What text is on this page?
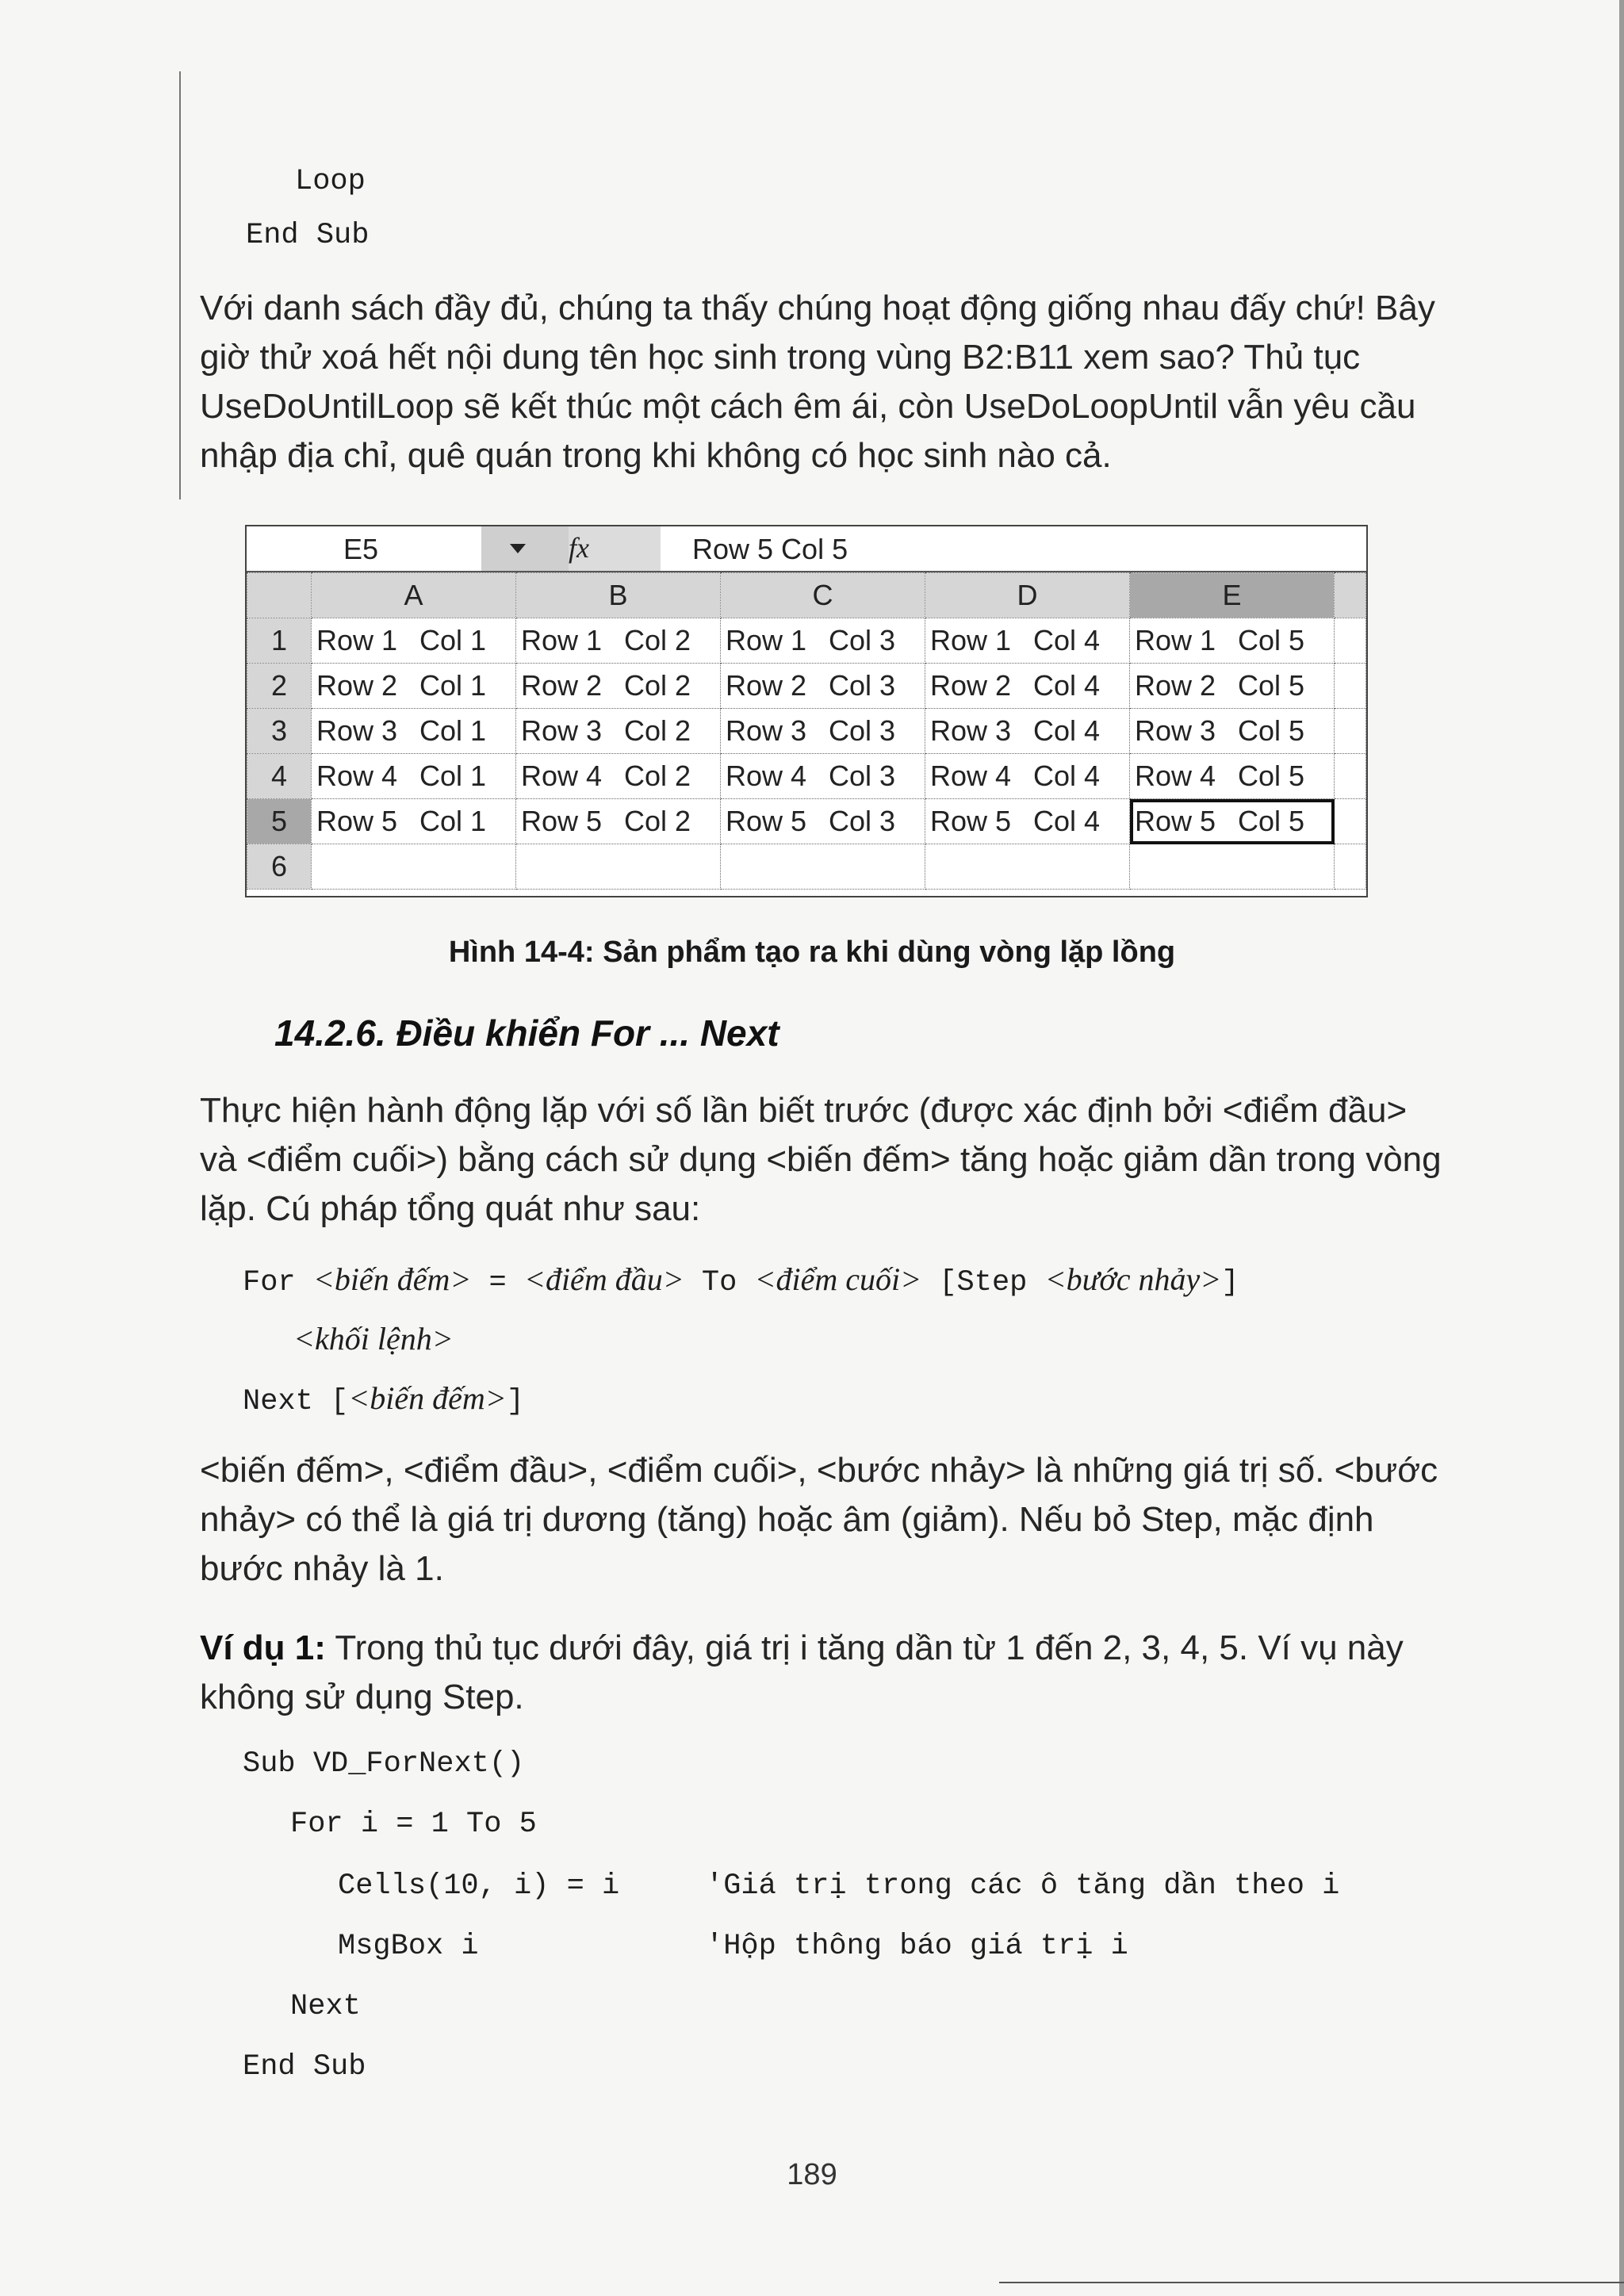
Loop
End Sub
Với danh sách đầy đủ, chúng ta thấy chúng hoạt động giống nhau đấy chứ! Bây giờ thử xoá hết nội dung tên học sinh trong vùng B2:B11 xem sao? Thủ tục UseDoUntilLoop sẽ kết thúc một cách êm ái, còn UseDoLoopUntil vẫn yêu cầu nhập địa chỉ, quê quán trong khi không có học sinh nào cả.
E5	fx	Row 5 Col 5
	A	B	C	D	E	
1	Row 1 Col 1	Row 1 Col 2	Row 1 Col 3	Row 1 Col 4	Row 1 Col 5	
2	Row 2 Col 1	Row 2 Col 2	Row 2 Col 3	Row 2 Col 4	Row 2 Col 5	
3	Row 3 Col 1	Row 3 Col 2	Row 3 Col 3	Row 3 Col 4	Row 3 Col 5	
4	Row 4 Col 1	Row 4 Col 2	Row 4 Col 3	Row 4 Col 4	Row 4 Col 5	
5	Row 5 Col 1	Row 5 Col 2	Row 5 Col 3	Row 5 Col 4	Row 5 Col 5	
6						
Hình 14-4: Sản phẩm tạo ra khi dùng vòng lặp lồng
14.2.6. Điều khiển For ... Next
Thực hiện hành động lặp với số lần biết trước (được xác định bởi <điểm đầu> và <điểm cuối>) bằng cách sử dụng <biến đếm> tăng hoặc giảm dần trong vòng lặp. Cú pháp tổng quát như sau:
For <biến đếm> = <điểm đầu> To <điểm cuối> [Step <bước nhảy>]
<khối lệnh>
Next [<biến đếm>]
<biến đếm>, <điểm đầu>, <điểm cuối>, <bước nhảy> là những giá trị số. <bước nhảy> có thể là giá trị dương (tăng) hoặc âm (giảm). Nếu bỏ Step, mặc định bước nhảy là 1.
Ví dụ 1: Trong thủ tục dưới đây, giá trị i tăng dần từ 1 đến 2, 3, 4, 5. Ví vụ này không sử dụng Step.
Sub VD_ForNext()
For i = 1 To 5
Cells(10, i) = i	'Giá trị trong các ô tăng dần theo i
MsgBox i	'Hộp thông báo giá trị i
Next
End Sub
189
